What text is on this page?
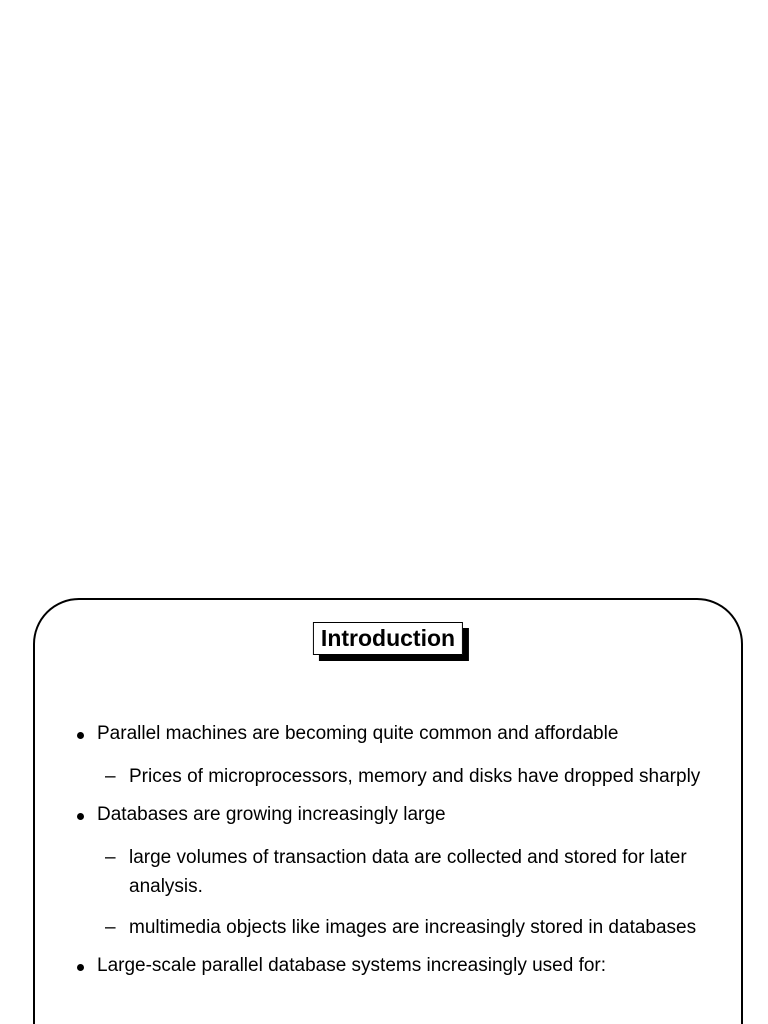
Introduction
Parallel machines are becoming quite common and affordable
– Prices of microprocessors, memory and disks have dropped sharply
Databases are growing increasingly large
– large volumes of transaction data are collected and stored for later analysis.
– multimedia objects like images are increasingly stored in databases
Large-scale parallel database systems increasingly used for:
